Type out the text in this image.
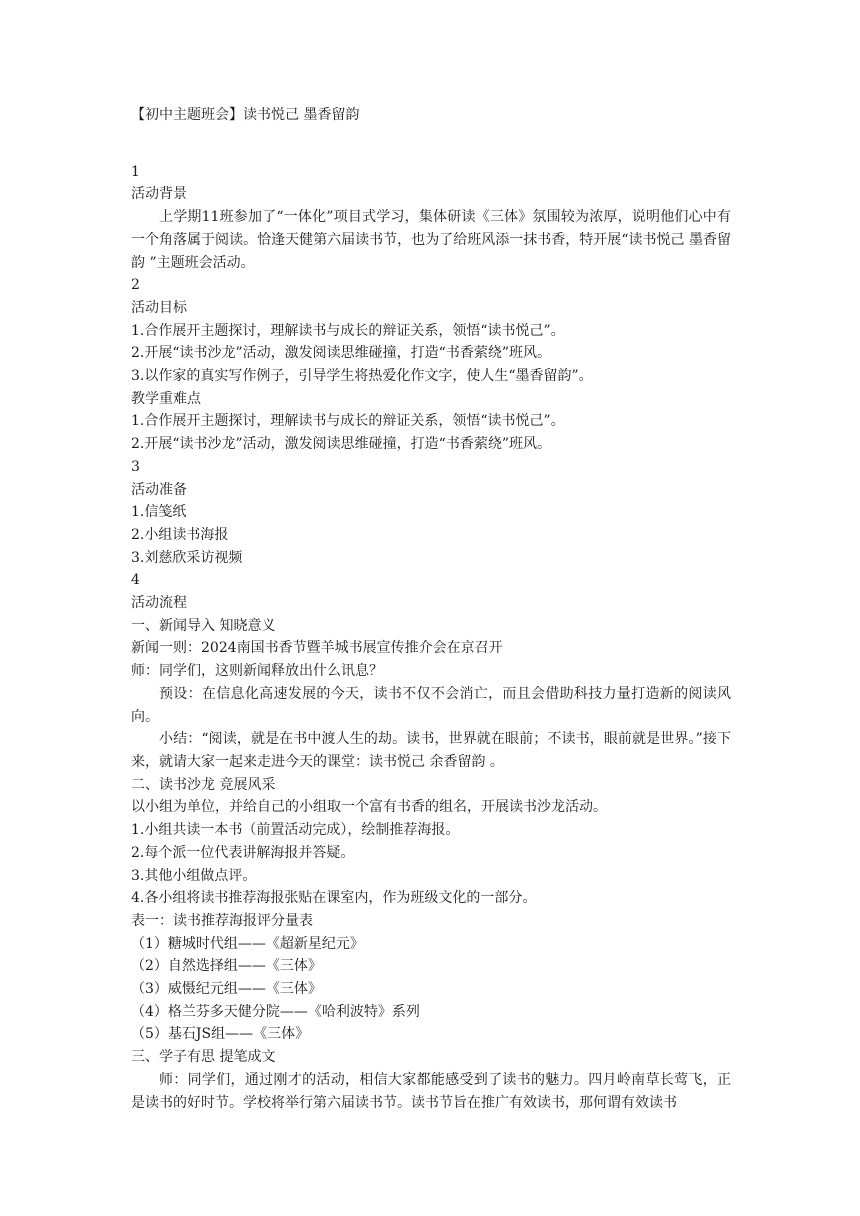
【初中主题班会】读书悦己 墨香留韵
1
活动背景
上学期11班参加了“一体化”项目式学习，集体研读《三体》氛围较为浓厚，说明他们心中有一个角落属于阅读。恰逢天健第六届读书节，也为了给班风添一抹书香，特开展“读书悦己 墨香留韵 ”主题班会活动。
2
活动目标
1.合作展开主题探讨，理解读书与成长的辩证关系，领悟“读书悦己”。
2.开展“读书沙龙”活动，激发阅读思维碰撞，打造“书香萦绕”班风。
3.以作家的真实写作例子，引导学生将热爱化作文字，使人生“墨香留韵”。
教学重难点
1.合作展开主题探讨，理解读书与成长的辩证关系，领悟“读书悦己”。
2.开展“读书沙龙”活动，激发阅读思维碰撞，打造“书香萦绕”班风。
3
活动准备
1.信笺纸
2.小组读书海报
3.刘慈欣采访视频
4
活动流程
一、新闻导入 知晓意义
新闻一则：2024南国书香节暨羊城书展宣传推介会在京召开
师：同学们，这则新闻释放出什么讯息？
预设：在信息化高速发展的今天，读书不仅不会消亡，而且会借助科技力量打造新的阅读风向。
小结：“阅读，就是在书中渡人生的劫。读书，世界就在眼前；不读书，眼前就是世界。”接下来，就请大家一起来走进今天的课堂：读书悦己 余香留韵 。
二、读书沙龙 竞展风采
以小组为单位，并给自己的小组取一个富有书香的组名，开展读书沙龙活动。
1.小组共读一本书（前置活动完成），绘制推荐海报。
2.每个派一位代表讲解海报并答疑。
3.其他小组做点评。
4.各小组将读书推荐海报张贴在课室内，作为班级文化的一部分。
表一：读书推荐海报评分量表
（1）糖城时代组——《超新星纪元》
（2）自然选择组——《三体》
（3）威慑纪元组——《三体》
（4）格兰芬多天健分院——《哈利波特》系列
（5）基石JS组——《三体》
三、学子有思 提笔成文
师：同学们，通过刚才的活动，相信大家都能感受到了读书的魅力。四月岭南草长莺飞，正是读书的好时节。学校将举行第六届读书节。读书节旨在推广有效读书，那何谓有效读书
